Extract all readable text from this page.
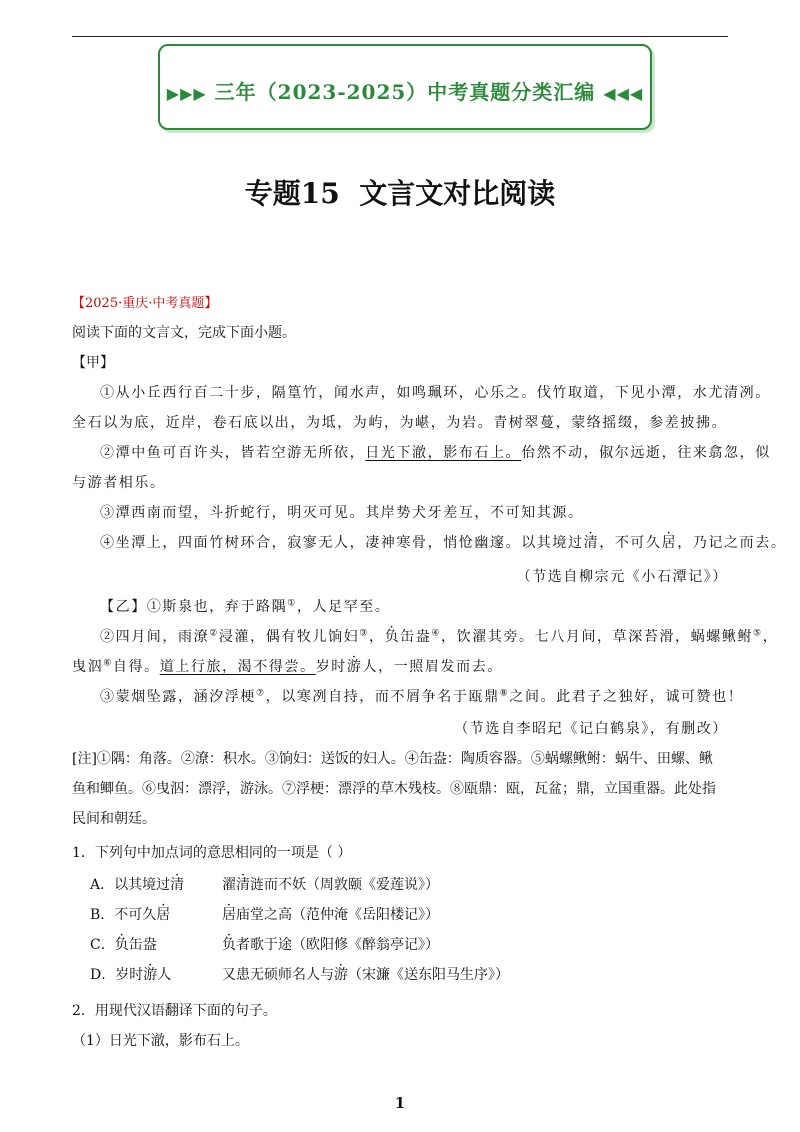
▶▶▶ 三年（2023-2025）中考真题分类汇编 ◀◀◀
专题15  文言文对比阅读
【2025·重庆·中考真题】
阅读下面的文言文，完成下面小题。
【甲】
①从小丘西行百二十步，隔篁竹，闻水声，如鸣珮环，心乐之。伐竹取道，下见小潭，水尤清冽。
全石以为底，近岸，卷石底以出，为坻，为屿，为嵁，为岩。青树翠蔓，蒙络摇缀，参差披拂。
②潭中鱼可百许头，皆若空游无所依，日光下澈，影布石上。佁然不动，俶尔远逝，往来翕忽，似
与游者相乐。
③潭西南而望，斗折蛇行，明灭可见。其岸势犬牙差互，不可知其源。
④坐潭上，四面竹树环合，寂寥无人，凄神寒骨，悄怆幽邃。以其境过清，不可久居，乃记之而去。
（节选自柳宗元《小石潭记》）
【乙】①斯泉也，弃于路隅①，人足罕至。
②四月间，雨潦②浸灌，偶有牧儿饷妇③，负缶盎④，饮濯其旁。七八月间，草深苔滑，蜗螺鳅鲋⑤，
曳泅⑥自得。道上行旅，渴不得尝。岁时游人，一照眉发而去。
③蒙烟坠露，涵汐浮梗⑦，以寒冽自持，而不屑争名于瓯鼎⑧之间。此君子之独好，诚可赞也！
（节选自李昭玘《记白鹤泉》，有删改）
[注]①隅：角落。②潦：积水。③饷妇：送饭的妇人。④缶盎：陶质容器。⑤蜗螺鳅鲋：蜗牛、田螺、鳅
鱼和鲫鱼。⑥曳泅：漂浮，游泳。⑦浮梗：漂浮的草木残枝。⑧瓯鼎：瓯，瓦盆；鼎，立国重器。此处指
民间和朝廷。
1．下列句中加点词的意思相同的一项是（ ）
A．以其境过清	濯清涟而不妖（周敦颐《爱莲说》）
B．不可久居	居庙堂之高（范仲淹《岳阳楼记》）
C．负缶盎	负者歌于途（欧阳修《醉翁亭记》）
D．岁时游人	又患无硕师名人与游（宋濂《送东阳马生序》）
2．用现代汉语翻译下面的句子。
（1）日光下澈，影布石上。
1
